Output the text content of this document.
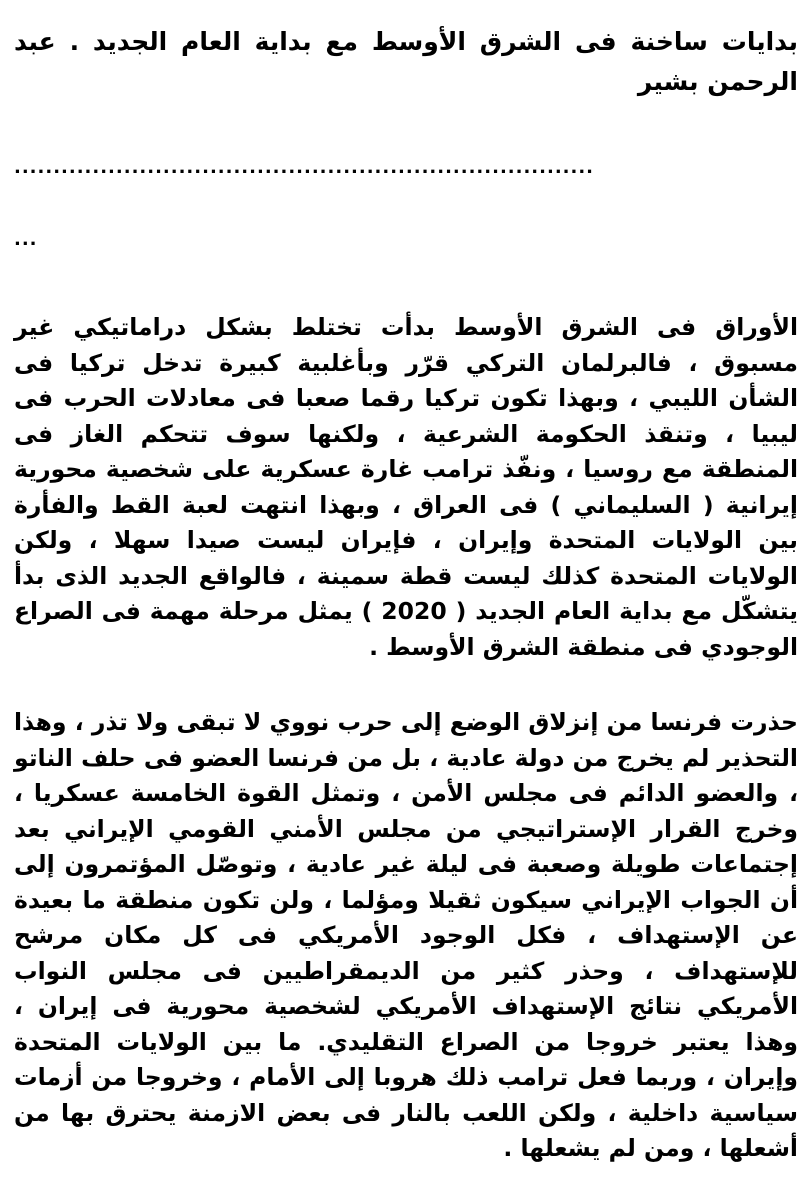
بدايات ساخنة فى الشرق الأوسط مع بداية العام الجديد . عبد الرحمن بشير

..........................................................................

...

الأوراق فى الشرق الأوسط بدأت تختلط بشكل دراماتيكي غير مسبوق ، فالبرلمان التركي قرّر وبأغلبية كبيرة تدخل تركيا فى الشأن الليبي ، وبهذا تكون تركيا رقما صعبا فى معادلات الحرب فى ليبيا ، وتنقذ الحكومة الشرعية ، ولكنها سوف تتحكم الغاز فى المنطقة مع روسيا ، ونفّذ ترامب غارة عسكرية على شخصية محورية إيرانية ( السليماني ) فى العراق ، وبهذا انتهت لعبة القط والفأرة بين الولايات المتحدة وإيران ، فإيران ليست صيدا سهلا ، ولكن الولايات المتحدة كذلك ليست قطة سمينة ، فالواقع الجديد الذى بدأ يتشكّل مع بداية العام الجديد ( 2020 ) يمثل مرحلة مهمة فى الصراع الوجودي فى منطقة الشرق الأوسط .

حذرت فرنسا من إنزلاق الوضع إلى حرب نووي لا تبقى ولا تذر ، وهذا التحذير لم يخرج من دولة عادية ، بل من فرنسا العضو فى حلف الناتو ، والعضو الدائم فى مجلس الأمن ، وتمثل القوة الخامسة عسكريا ، وخرج القرار الإستراتيجي من مجلس الأمني القومي الإيراني بعد إجتماعات طويلة وصعبة فى ليلة غير عادية ، وتوصّل المؤتمرون إلى أن الجواب الإيراني سيكون ثقيلا ومؤلما ، ولن تكون منطقة ما بعيدة عن الإستهداف ، فكل الوجود الأمريكي فى كل مكان مرشح للإستهداف ، وحذر كثير من الديمقراطيين فى مجلس النواب الأمريكي نتائج الإستهداف الأمريكي لشخصية محورية فى إيران ، وهذا يعتبر خروجا من الصراع التقليدي. ما بين الولايات المتحدة وإيران ، وربما فعل ترامب ذلك هروبا إلى الأمام ، وخروجا من أزمات سياسية داخلية ، ولكن اللعب بالنار فى بعض الازمنة يحترق بها من أشعلها ، ومن لم يشعلها .
